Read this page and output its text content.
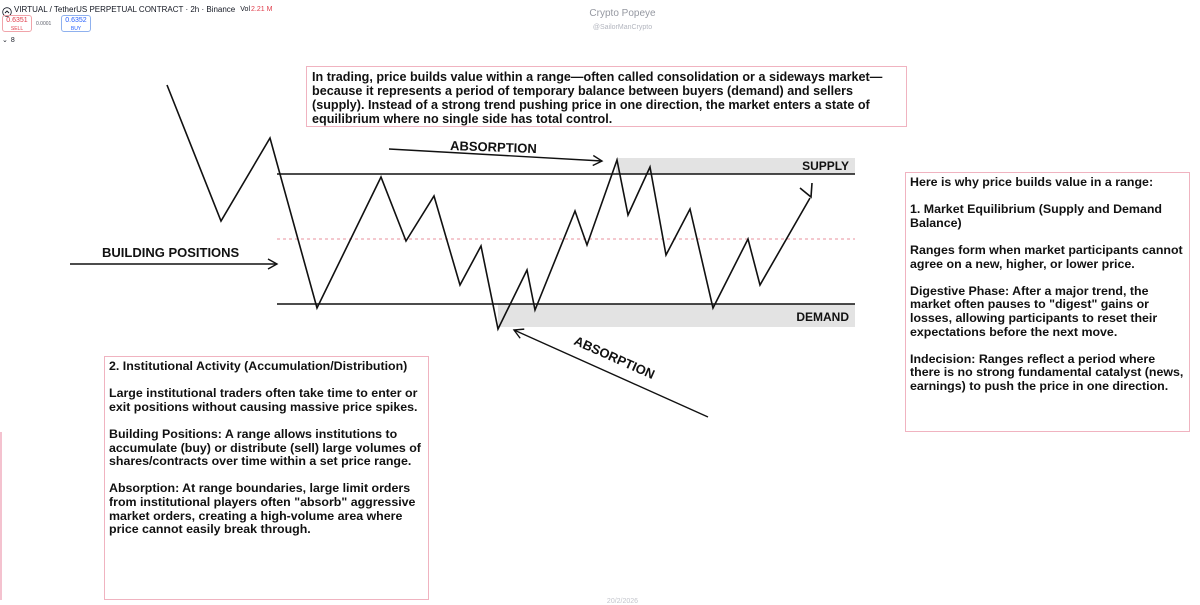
VIRTUAL / TetherUS PERPETUAL CONTRACT · 2h · Binance Vol 2.21 M
0.6351
SELL
0.0001	0.6352
BUY
⌄ 8
Crypto Popeye
@SailorManCrypto
20/2/2026
SUPPLY
DEMAND
BUILDING POSITIONS
ABSORPTION
ABSORPTION

In trading, price builds value within a range—often called consolidation or a sideways market—because it represents a period of temporary balance between buyers (demand) and sellers (supply). Instead of a strong trend pushing price in one direction, the market enters a state of equilibrium where no single side has total control.

2. Institutional Activity (Accumulation/Distribution)

Large institutional traders often take time to enter or exit positions without causing massive price spikes.

Building Positions: A range allows institutions to accumulate (buy) or distribute (sell) large volumes of shares/contracts over time within a set price range.

Absorption: At range boundaries, large limit orders from institutional players often "absorb" aggressive market orders, creating a high-volume area where price cannot easily break through.

Here is why price builds value in a range:

1. Market Equilibrium (Supply and Demand Balance)

Ranges form when market participants cannot agree on a new, higher, or lower price.

Digestive Phase: After a major trend, the market often pauses to "digest" gains or losses, allowing participants to reset their expectations before the next move.

Indecision: Ranges reflect a period where there is no strong fundamental catalyst (news, earnings) to push the price in one direction.
